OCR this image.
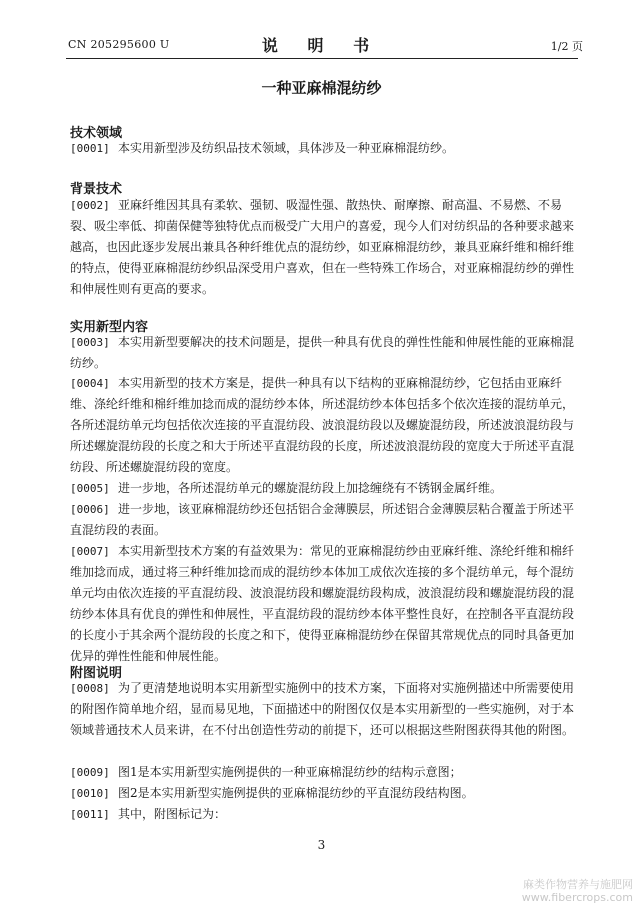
CN 205295600 U	说 明 书	1/2 页
一种亚麻棉混纺纱
技术领域
[0001] 本实用新型涉及纺织品技术领域，具体涉及一种亚麻棉混纺纱。
背景技术
[0002] 亚麻纤维因其具有柔软、强韧、吸湿性强、散热快、耐摩擦、耐高温、不易燃、不易裂、吸尘率低、抑菌保健等独特优点而极受广大用户的喜爱，现今人们对纺织品的各种要求越来越高，也因此逐步发展出兼具各种纤维优点的混纺纱，如亚麻棉混纺纱，兼具亚麻纤维和棉纤维的特点，使得亚麻棉混纺纱织品深受用户喜欢，但在一些特殊工作场合，对亚麻棉混纺纱的弹性和伸展性则有更高的要求。
实用新型内容
[0003] 本实用新型要解决的技术问题是，提供一种具有优良的弹性性能和伸展性能的亚麻棉混纺纱。
[0004] 本实用新型的技术方案是，提供一种具有以下结构的亚麻棉混纺纱，它包括由亚麻纤维、涤纶纤维和棉纤维加捻而成的混纺纱本体，所述混纺纱本体包括多个依次连接的混纺单元，各所述混纺单元均包括依次连接的平直混纺段、波浪混纺段以及螺旋混纺段，所述波浪混纺段与所述螺旋混纺段的长度之和大于所述平直混纺段的长度，所述波浪混纺段的宽度大于所述平直混纺段、所述螺旋混纺段的宽度。
[0005] 进一步地，各所述混纺单元的螺旋混纺段上加捻缠绕有不锈钢金属纤维。
[0006] 进一步地，该亚麻棉混纺纱还包括铝合金薄膜层，所述铝合金薄膜层粘合覆盖于所述平直混纺段的表面。
[0007] 本实用新型技术方案的有益效果为：常见的亚麻棉混纺纱由亚麻纤维、涤纶纤维和棉纤维加捻而成，通过将三种纤维加捻而成的混纺纱本体加工成依次连接的多个混纺单元，每个混纺单元均由依次连接的平直混纺段、波浪混纺段和螺旋混纺段构成，波浪混纺段和螺旋混纺段的混纺纱本体具有优良的弹性和伸展性，平直混纺段的混纺纱本体平整性良好，在控制各平直混纺段的长度小于其余两个混纺段的长度之和下，使得亚麻棉混纺纱在保留其常规优点的同时具备更加优异的弹性性能和伸展性能。
附图说明
[0008] 为了更清楚地说明本实用新型实施例中的技术方案，下面将对实施例描述中所需要使用的附图作简单地介绍，显而易见地，下面描述中的附图仅仅是本实用新型的一些实施例，对于本领域普通技术人员来讲，在不付出创造性劳动的前提下，还可以根据这些附图获得其他的附图。
[0009] 图1是本实用新型实施例提供的一种亚麻棉混纺纱的结构示意图；
[0010] 图2是本实用新型实施例提供的亚麻棉混纺纱的平直混纺段结构图。
[0011] 其中，附图标记为：
3
麻类作物营养与施肥网
www.fibercrops.com
